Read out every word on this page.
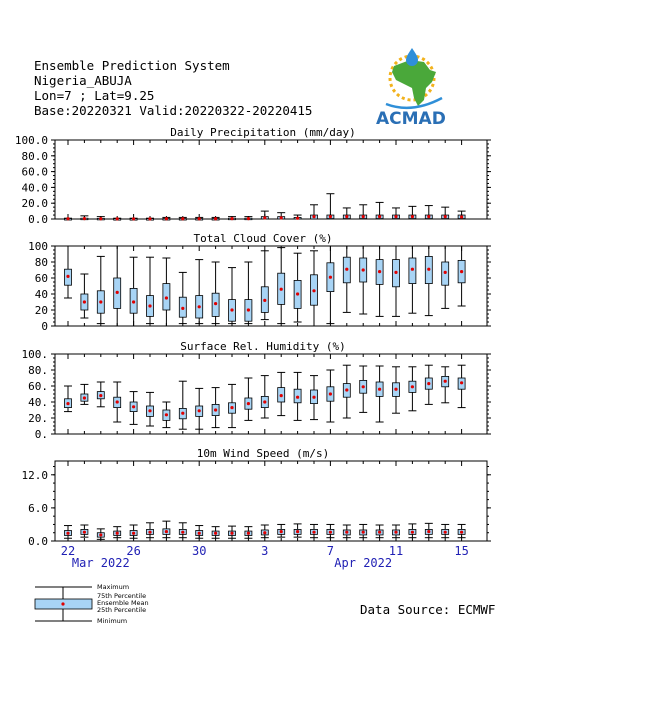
Ensemble Prediction System
Nigeria_ABUJA
Lon=7 ; Lat=9.25
Base:20220321 Valid:20220322-20220415	ACMAD
Daily Precipitation (mm/day)
0.0
20.0
40.0
60.0
80.0
100.0
Total Cloud Cover (%)
0
20
40
60
80
100
Surface Rel. Humidity (%)
0.
20.
40.
60.
80.
100.
10m Wind Speed (m/s)
0.0
6.0
12.0
22	26	30	3	7	11	15
Mar 2022	Apr 2022
Maximum
75th Percentile
Ensemble Mean
25th Percentile
Minimum
Data Source: ECMWF
